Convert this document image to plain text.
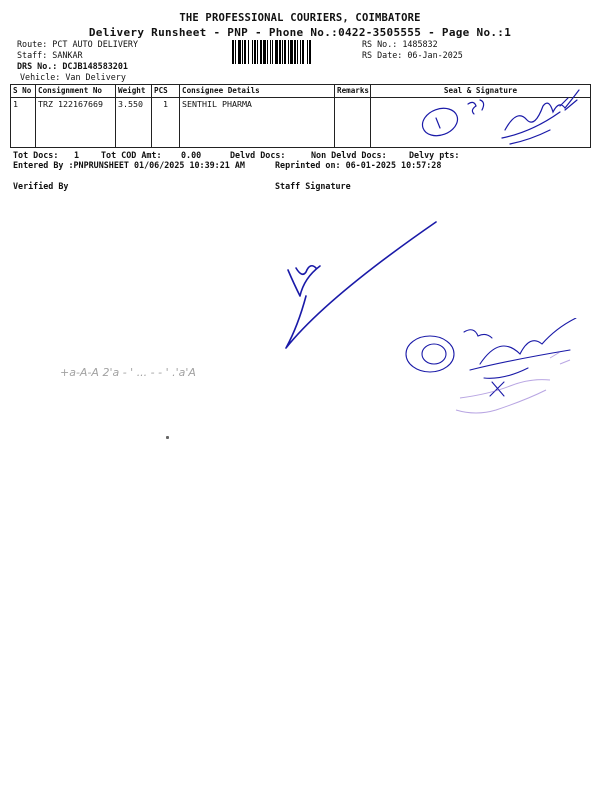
THE PROFESSIONAL COURIERS, COIMBATORE
Delivery Runsheet - PNP - Phone No.:0422-3505555 - Page No.:1
Route: PCT AUTO DELIVERY
Staff: SANKAR
DRS No.: DCJB148583201
Vehicle: Van Delivery
RS No.: 1485832
RS Date: 06-Jan-2025
S No	Consignment No	Weight	PCS	Consignee Details	Remarks	Seal & Signature
1	TRZ 122167669	3.550	1	SENTHIL PHARMA		
Tot Docs: 1	Tot COD Amt: 0.00	Delvd Docs:	Non Delvd Docs:	Delvy pts:
Entered By :PNPRUNSHEET 01/06/2025 10:39:21 AM	Reprinted on: 06-01-2025 10:57:28
Verified By	Staff Signature
+a-A-A 2'a - ' ... - - ' .'a'A
